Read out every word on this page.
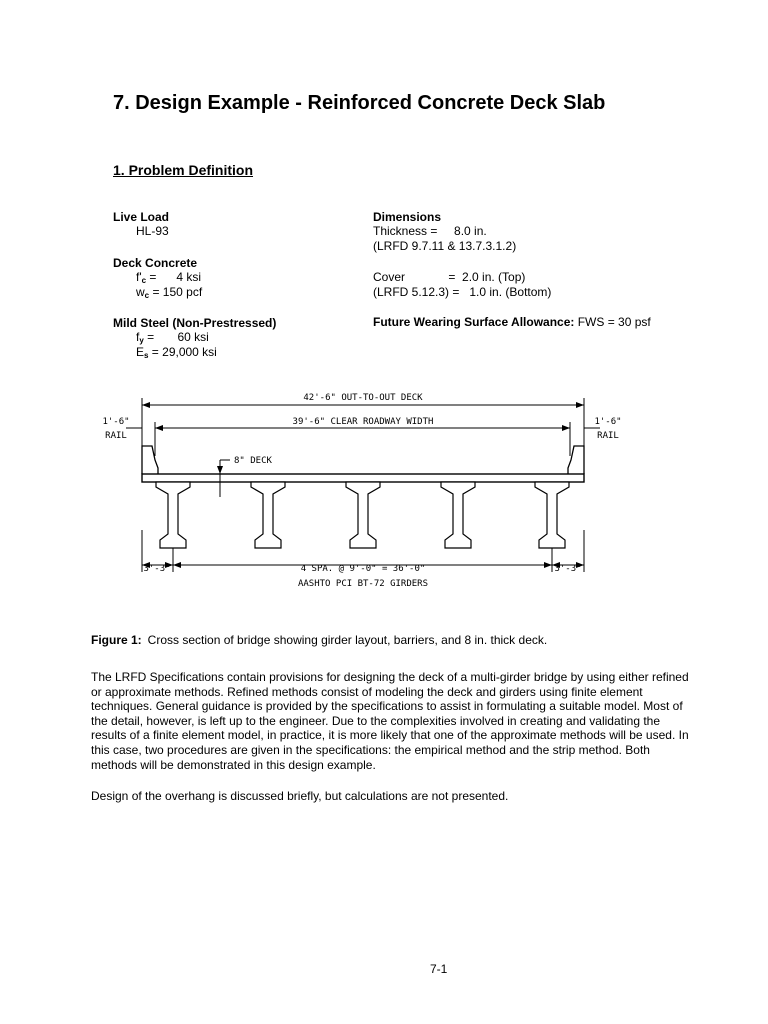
7. Design Example - Reinforced Concrete Deck Slab
1. Problem Definition
Live Load
HL-93
Deck Concrete
$f'_c$ =      4 ksi
$w_c = 150$ pcf
Mild Steel (Non-Prestressed)
$f_y$ =       60 ksi
$E_s = 29,000$ ksi
Dimensions
Thickness =     8.0 in.
(LRFD 9.7.11 & 13.7.3.1.2)
Cover             =  2.0 in. (Top)
(LRFD 5.12.3) =   1.0 in. (Bottom)
Future Wearing Surface Allowance: FWS = 30 psf
42'-6" OUT-TO-OUT DECK
39'-6" CLEAR ROADWAY WIDTH
1'-6"
RAIL
1'-6"
RAIL
8" DECK
3'-3"	3'-3"
4 SPA. @ 9'-0" = 36'-0"
AASHTO PCI BT-72 GIRDERS
Figure 1: Cross section of bridge showing girder layout, barriers, and 8 in. thick deck.
The LRFD Specifications contain provisions for designing the deck of a multi-girder bridge by using either refined or approximate methods. Refined methods consist of modeling the deck and girders using finite element techniques. General guidance is provided by the specifications to assist in formulating a suitable model. Most of the detail, however, is left up to the engineer. Due to the complexities involved in creating and validating the results of a finite element model, in practice, it is more likely that one of the approximate methods will be used. In this case, two procedures are given in the specifications: the empirical method and the strip method. Both methods will be demonstrated in this design example.
Design of the overhang is discussed briefly, but calculations are not presented.
7-1
